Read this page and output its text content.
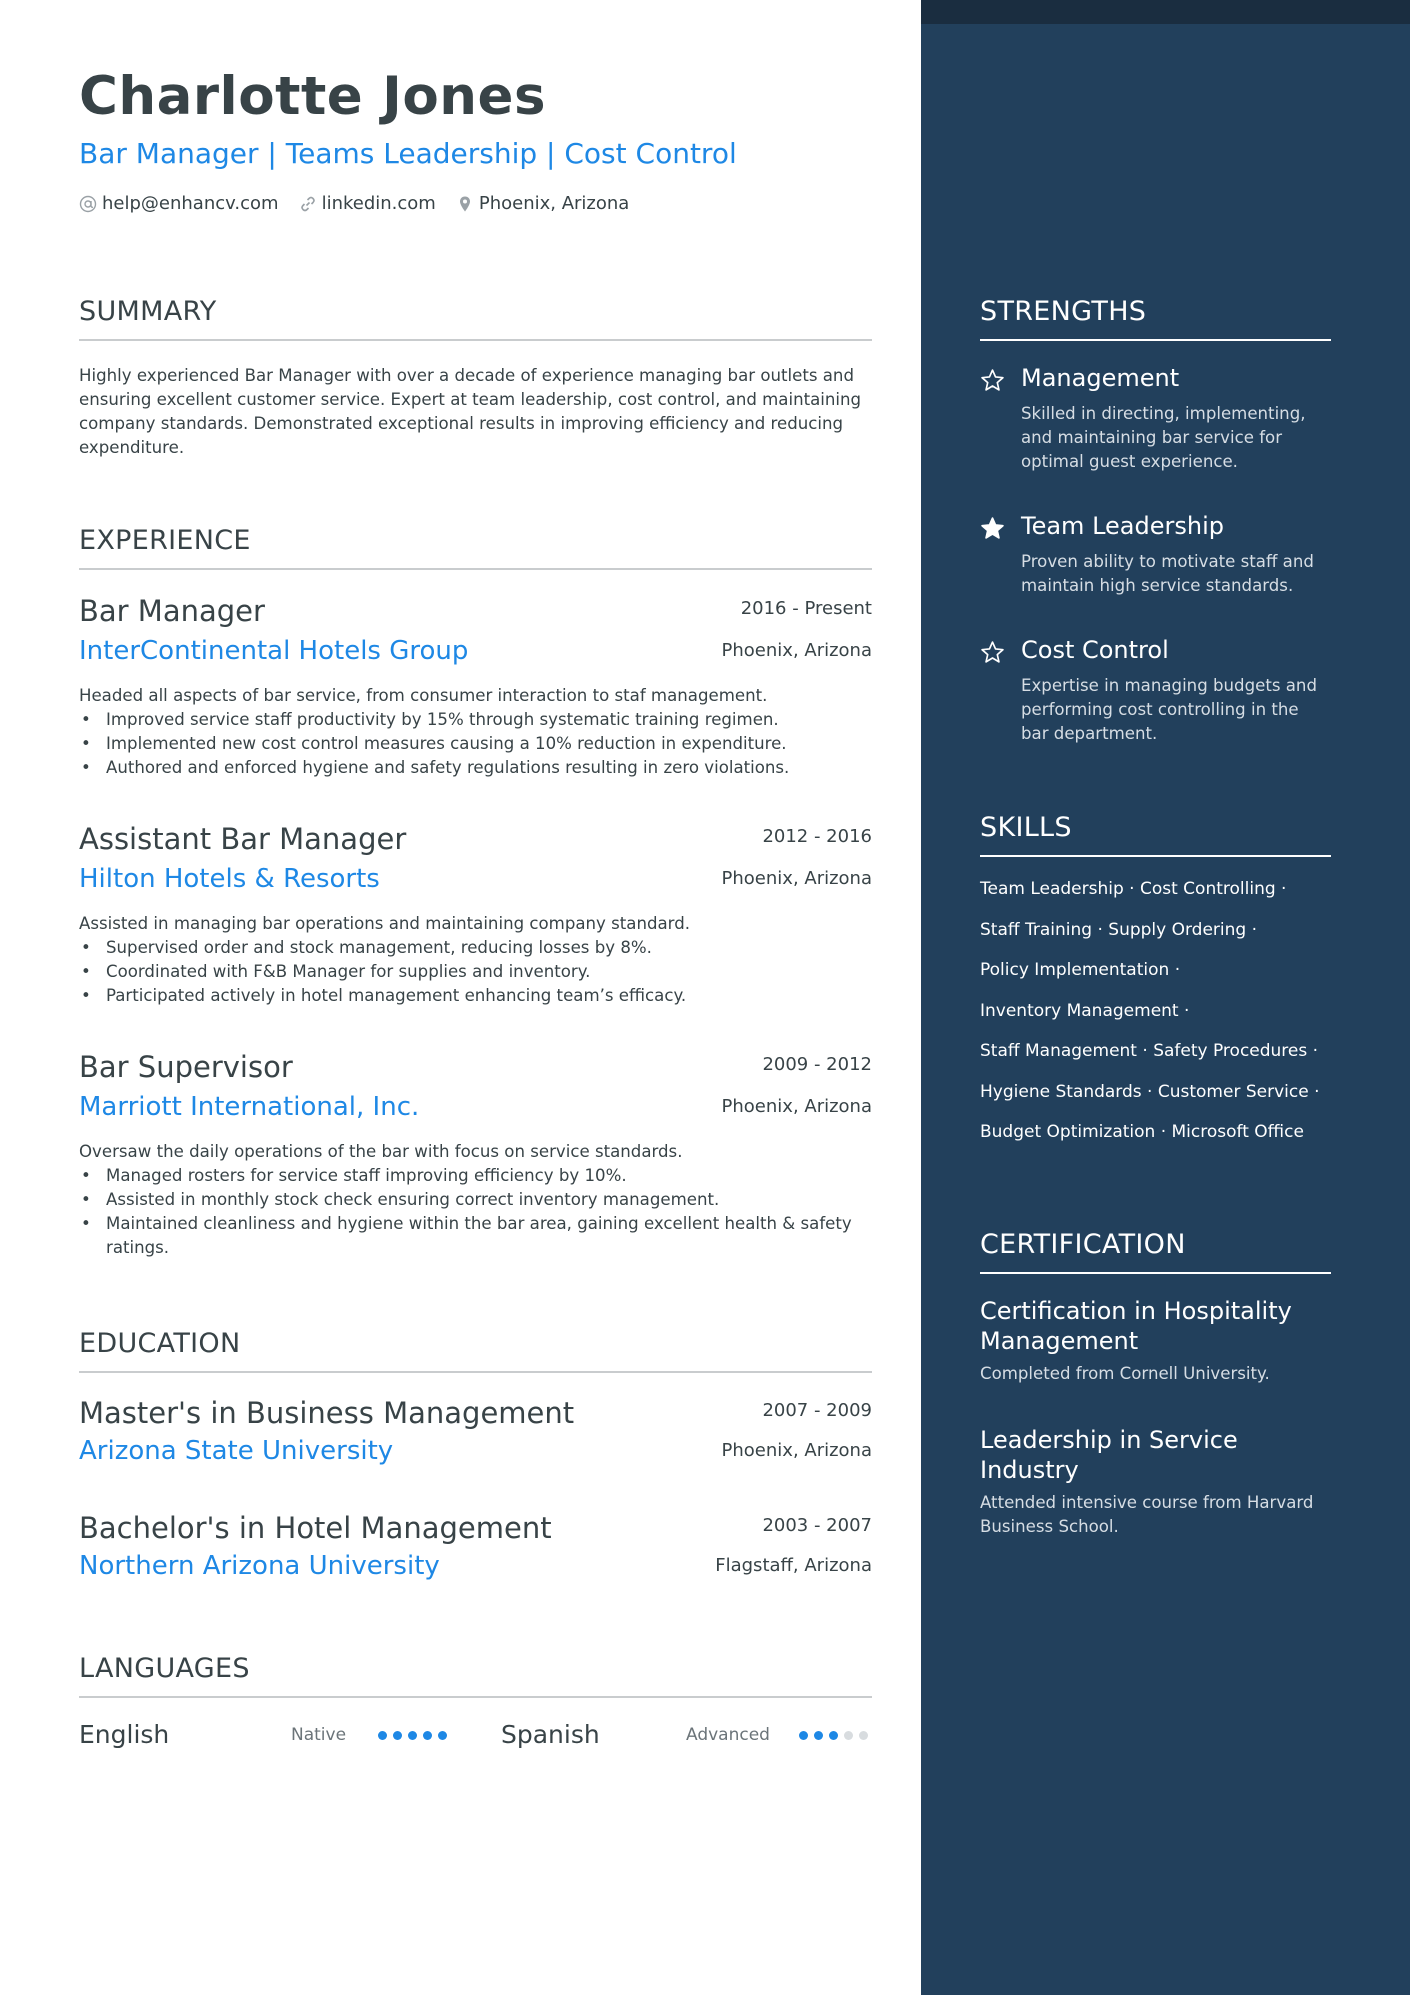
Charlotte Jones
Bar Manager | Teams Leadership | Cost Control
help@enhancv.com linkedin.com Phoenix, Arizona
SUMMARY
Highly experienced Bar Manager with over a decade of experience managing bar outlets and ensuring excellent customer service. Expert at team leadership, cost control, and maintaining company standards. Demonstrated exceptional results in improving efficiency and reducing expenditure.
EXPERIENCE
Bar Manager	2016 - Present
InterContinental Hotels Group	Phoenix, Arizona
Headed all aspects of bar service, from consumer interaction to staf management.
• Improved service staff productivity by 15% through systematic training regimen.
• Implemented new cost control measures causing a 10% reduction in expenditure.
• Authored and enforced hygiene and safety regulations resulting in zero violations.
Assistant Bar Manager	2012 - 2016
Hilton Hotels & Resorts	Phoenix, Arizona
Assisted in managing bar operations and maintaining company standard.
• Supervised order and stock management, reducing losses by 8%.
• Coordinated with F&B Manager for supplies and inventory.
• Participated actively in hotel management enhancing team’s efficacy.
Bar Supervisor	2009 - 2012
Marriott International, Inc.	Phoenix, Arizona
Oversaw the daily operations of the bar with focus on service standards.
• Managed rosters for service staff improving efficiency by 10%.
• Assisted in monthly stock check ensuring correct inventory management.
• Maintained cleanliness and hygiene within the bar area, gaining excellent health & safety ratings.
EDUCATION
Master's in Business Management	2007 - 2009
Arizona State University	Phoenix, Arizona
Bachelor's in Hotel Management	2003 - 2007
Northern Arizona University	Flagstaff, Arizona
LANGUAGES
English	Native	Spanish	Advanced
STRENGTHS
Management
Skilled in directing, implementing, and maintaining bar service for optimal guest experience.
Team Leadership
Proven ability to motivate staff and maintain high service standards.
Cost Control
Expertise in managing budgets and performing cost controlling in the bar department.
SKILLS
Team Leadership · Cost Controlling ·
Staff Training · Supply Ordering ·
Policy Implementation ·
Inventory Management ·
Staff Management · Safety Procedures ·
Hygiene Standards · Customer Service ·
Budget Optimization · Microsoft Office
CERTIFICATION
Certification in Hospitality Management
Completed from Cornell University.
Leadership in Service Industry
Attended intensive course from Harvard Business School.
